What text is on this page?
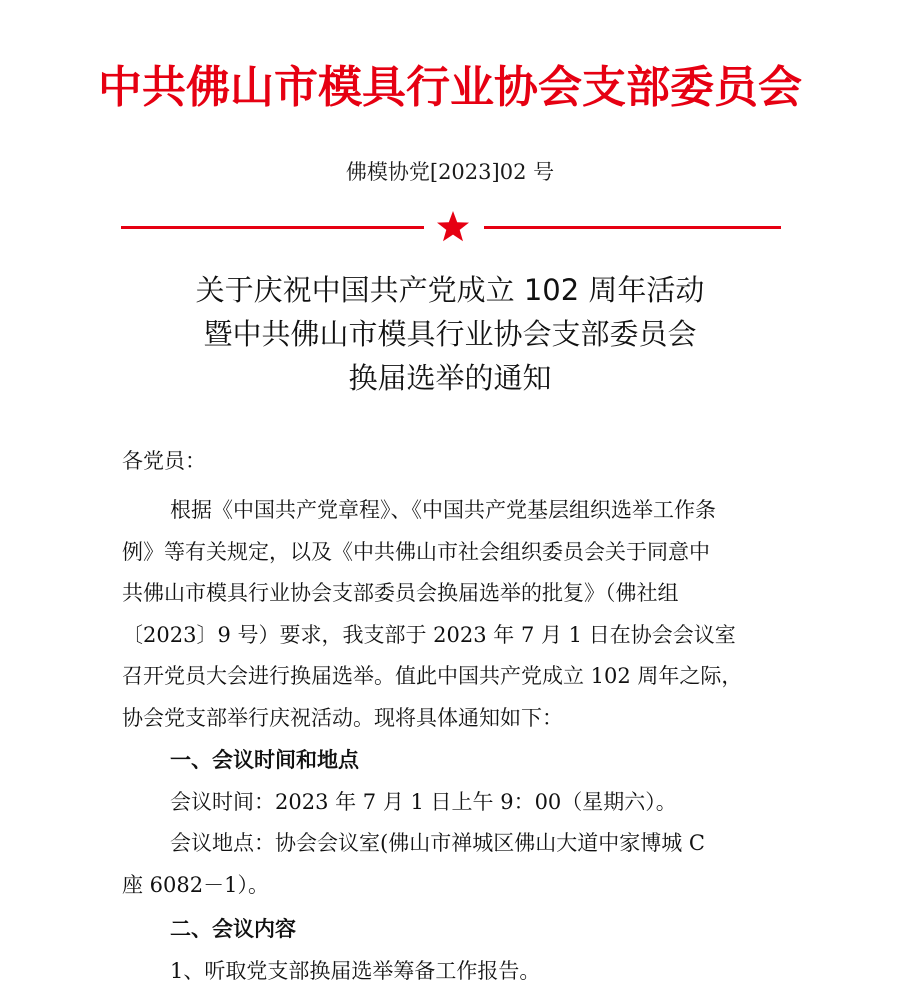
中共佛山市模具行业协会支部委员会
佛模协党[2023]02 号
关于庆祝中国共产党成立 102 周年活动
暨中共佛山市模具行业协会支部委员会
换届选举的通知
各党员：
根据《中国共产党章程》、《中国共产党基层组织选举工作条
例》等有关规定，以及《中共佛山市社会组织委员会关于同意中
共佛山市模具行业协会支部委员会换届选举的批复》（佛社组
〔2023〕9 号）要求，我支部于 2023 年 7 月 1 日在协会会议室
召开党员大会进行换届选举。值此中国共产党成立 102 周年之际，
协会党支部举行庆祝活动。现将具体通知如下：
一、会议时间和地点
会议时间：2023 年 7 月 1 日上午 9：00（星期六）。
会议地点：协会会议室(佛山市禅城区佛山大道中家博城 C
座 6082－1）。
二、会议内容
1、听取党支部换届选举筹备工作报告。
